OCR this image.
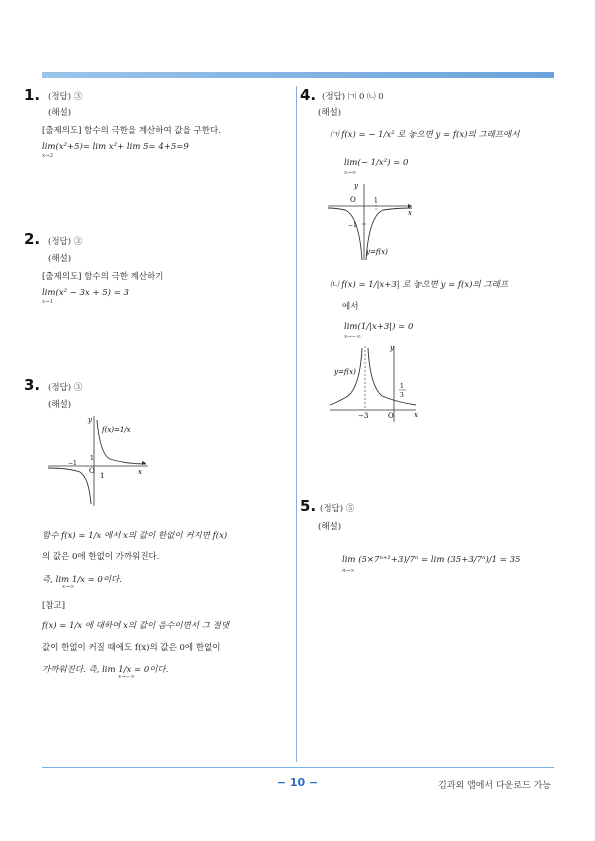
1. (정답) ③
(해설)
[출제의도] 함수의 극한을 계산하여 값을 구한다.
lim(x²+5)= lim x²+ lim 5= 4+5=9
x→2
2. (정답) ③
(해설)
[출제의도] 함수의 극한 계산하기
lim(x² − 3x + 5) = 3
x→1
3. (정답) ③
(해설)
x
y
O
1
1
−1
f(x)=1/x
함수 f(x) = 1/x 에서 x의 값이 한없이 커지면 f(x)
의 값은 0에 한없이 가까워진다.
즉, lim 1/x = 0이다.
x→∞
[참고]
f(x) = 1/x 에 대하여 x의 값이 음수이면서 그 절댓
값이 한없이 커질 때에도 f(x)의 값은 0에 한없이
가까워진다. 즉, lim 1/x = 0이다.
x→−∞
4. (정답) ㈀ 0 ㈁ 0
(해설)
㈀ f(x) = − 1/x² 로 놓으면 y = f(x)의 그래프에서
lim(− 1/x²) = 0
x→∞
y
x
O	1
−1
y=f(x)
㈁ f(x) = 1/|x+3| 로 놓으면 y = f(x)의 그래프
에서
lim(1/|x+3|) = 0
x→−∞
y
x
O
−3
1
3
y=f(x)
5. (정답) ⑤
(해설)
lim (5×7ⁿ⁺¹+3)/7ⁿ = lim (35+3/7ⁿ)/1 = 35
n→∞
− 10 −	김과외 앱에서 다운로드 가능
